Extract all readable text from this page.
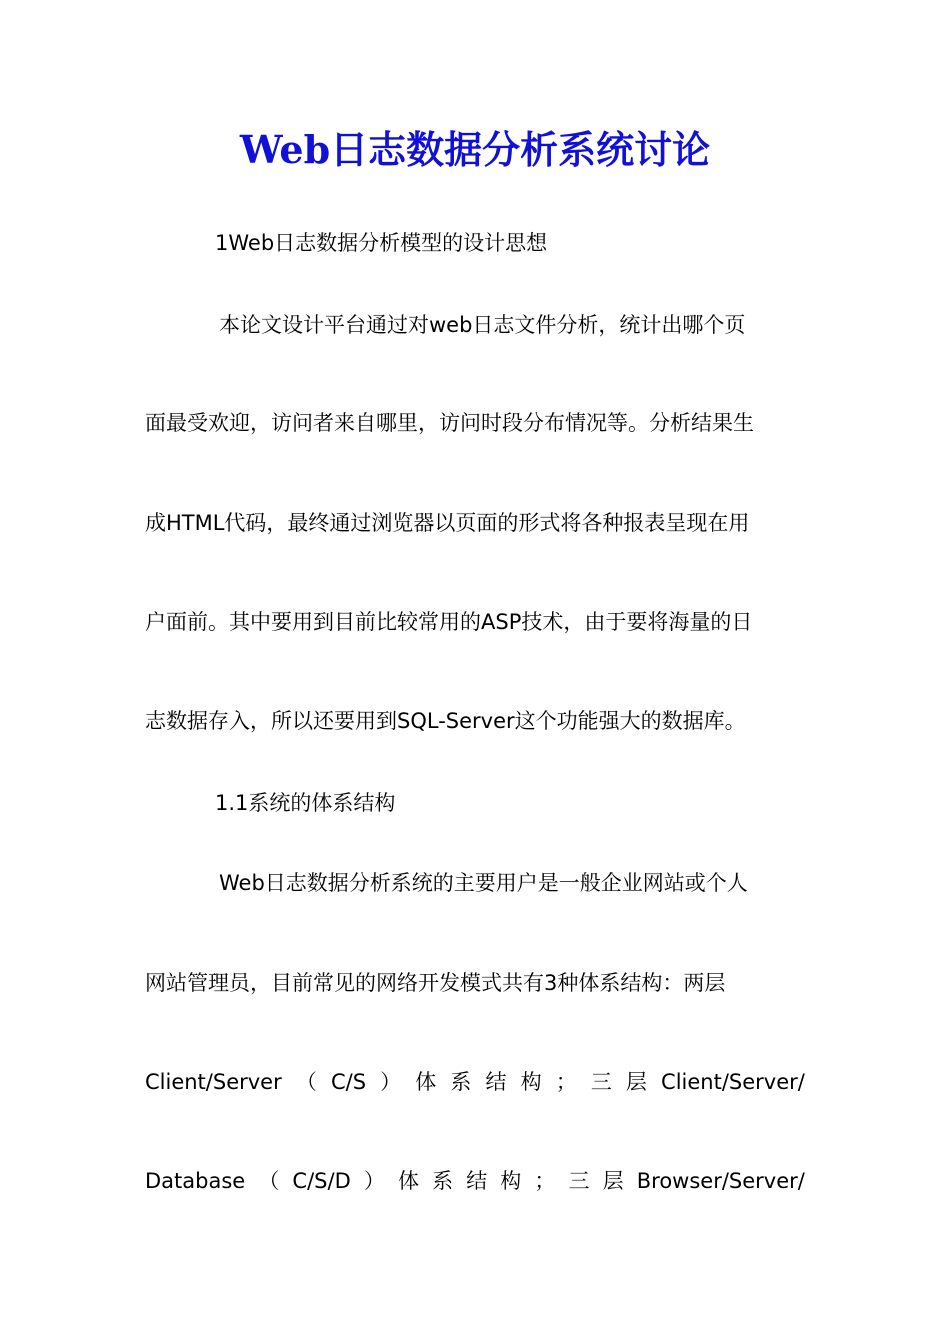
Web日志数据分析系统讨论
1Web日志数据分析模型的设计思想
本论文设计平台通过对web日志文件分析，统计出哪个页
面最受欢迎，访问者来自哪里，访问时段分布情况等。分析结果生
成HTML代码，最终通过浏览器以页面的形式将各种报表呈现在用
户面前。其中要用到目前比较常用的ASP技术，由于要将海量的日
志数据存入，所以还要用到SQL-Server这个功能强大的数据库。
1.1系统的体系结构
Web日志数据分析系统的主要用户是一般企业网站或个人
网站管理员，目前常见的网络开发模式共有3种体系结构：两层
Client/Server （ C/S ） 体 系 结 构 ； 三 层 Client/Server/
Database （ C/S/D ） 体 系 结 构 ； 三 层 Browser/Server/
